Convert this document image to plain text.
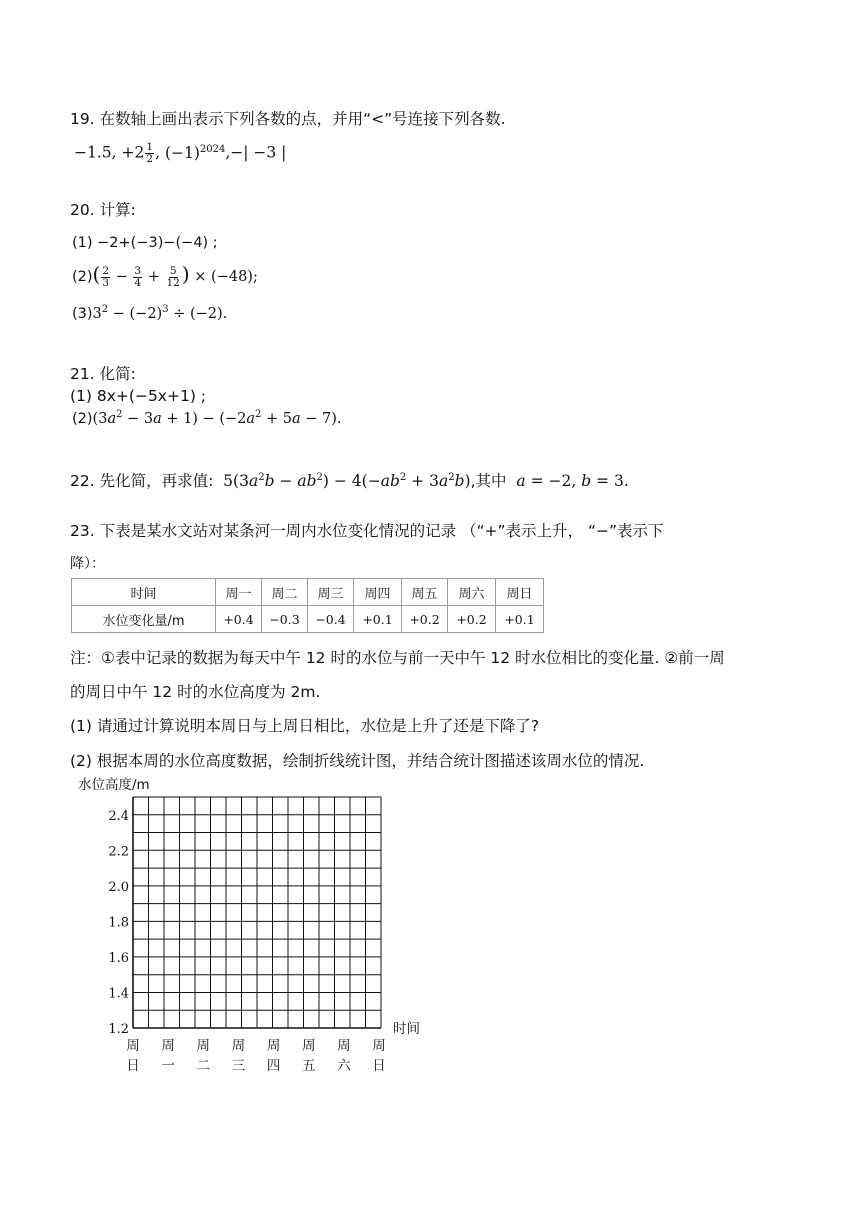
19. 在数轴上画出表示下列各数的点，并用“<”号连接下列各数.
−1.5, $+2 \frac{1}{2}$ , $(-1)^{2024},-| -3$ |
20. 计算:
(1) −2+(−3)−(−4) ;
$(2)( \frac{2}{3} - \frac{3}{4} + \frac{5}{12}$ ) × (−48);
$(3)3^2 - (-2)^3 \div (-2)$.
21. 化简:
(1) 8x+(−5x+1) ;
$(2)(3a^2 - 3a + 1) - (-2a^2 + 5a - 7)$.
22. 先化简，再求值:  $5(3a^2b - ab^2) - 4(-ab^2 + 3a^2b)$,其中 a = −2, b = 3.
23. 下表是某水文站对某条河一周内水位变化情况的记录 （“+”表示上升， “−”表示下
降）：
时间	周一	周二	周三	周四	周五	周六	周日
水位变化量/m	+0.4	−0.3	−0.4	+0.1	+0.2	+0.2	+0.1
注：①表中记录的数据为每天中午 12 时的水位与前一天中午 12 时水位相比的变化量. ②前一周
的周日中午 12 时的水位高度为 2m.
(1) 请通过计算说明本周日与上周日相比，水位是上升了还是下降了?
(2) 根据本周的水位高度数据，绘制折线统计图，并结合统计图描述该周水位的情况.
2.4
2.2
2.0
1.8
1.6
1.4
1.2
水位高度/m
时间
周
日
周
一
周
二
周
三
周
四
周
五
周
六
周
日
